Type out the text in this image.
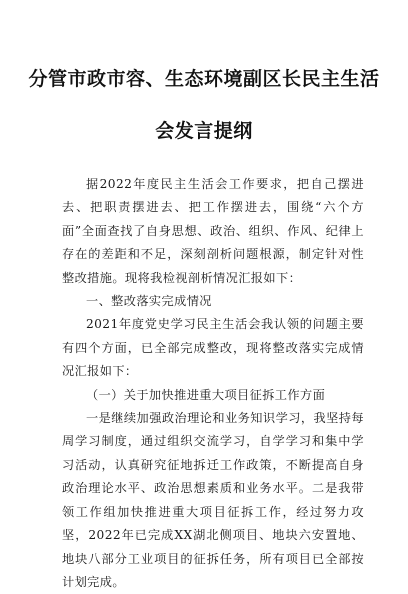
分管市政市容、生态环境副区长民主生活
会发言提纲

据2022年度民主生活会工作要求，把自己摆进去、把职责摆进去、把工作摆进去，围绕“六个方面”全面查找了自身思想、政治、组织、作风、纪律上存在的差距和不足，深刻剖析问题根源，制定针对性整改措施。现将我检视剖析情况汇报如下：

一、整改落实完成情况

2021年度党史学习民主生活会我认领的问题主要有四个方面，已全部完成整改，现将整改落实完成情况汇报如下：

（一）关于加快推进重大项目征拆工作方面

一是继续加强政治理论和业务知识学习，我坚持每周学习制度，通过组织交流学习，自学学习和集中学习活动，认真研究征地拆迁工作政策，不断提高自身政治理论水平、政治思想素质和业务水平。二是我带领工作组加快推进重大项目征拆工作，经过努力攻坚，2022年已完成XX湖北侧项目、地块六安置地、地块八部分工业项目的征拆任务，所有项目已全部按计划完成。
